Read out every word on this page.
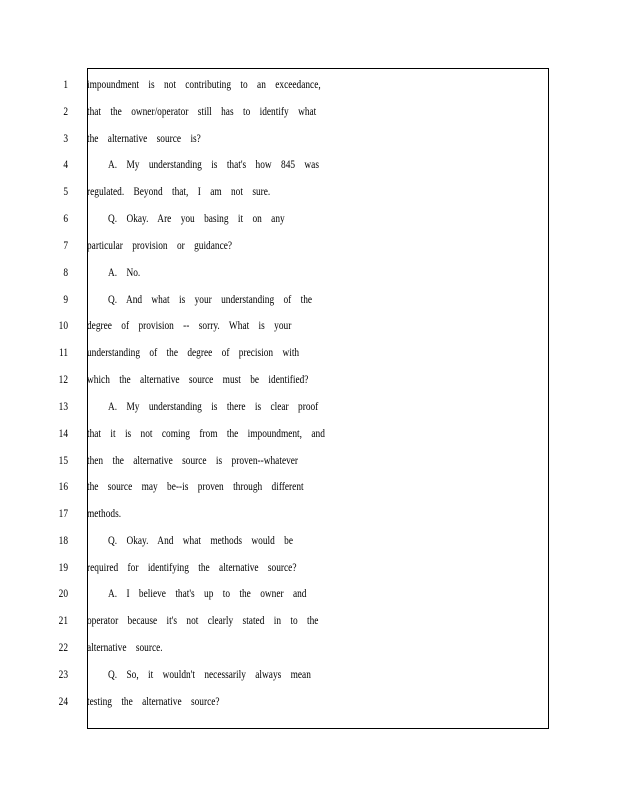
1 impoundment is not contributing to an exceedance,
2 that the owner/operator still has to identify what
3 the alternative source is?
4	A. My understanding is that's how 845 was
5 regulated. Beyond that, I am not sure.
6	Q. Okay. Are you basing it on any
7 particular provision or guidance?
8	A. No.
9	Q. And what is your understanding of the
10 degree of provision -- sorry. What is your
11 understanding of the degree of precision with
12 which the alternative source must be identified?
13	A. My understanding is there is clear proof
14 that it is not coming from the impoundment, and
15 then the alternative source is proven--whatever
16 the source may be--is proven through different
17 methods.
18	Q. Okay. And what methods would be
19 required for identifying the alternative source?
20	A. I believe that's up to the owner and
21 operator because it's not clearly stated in to the
22 alternative source.
23	Q. So, it wouldn't necessarily always mean
24 testing the alternative source?
